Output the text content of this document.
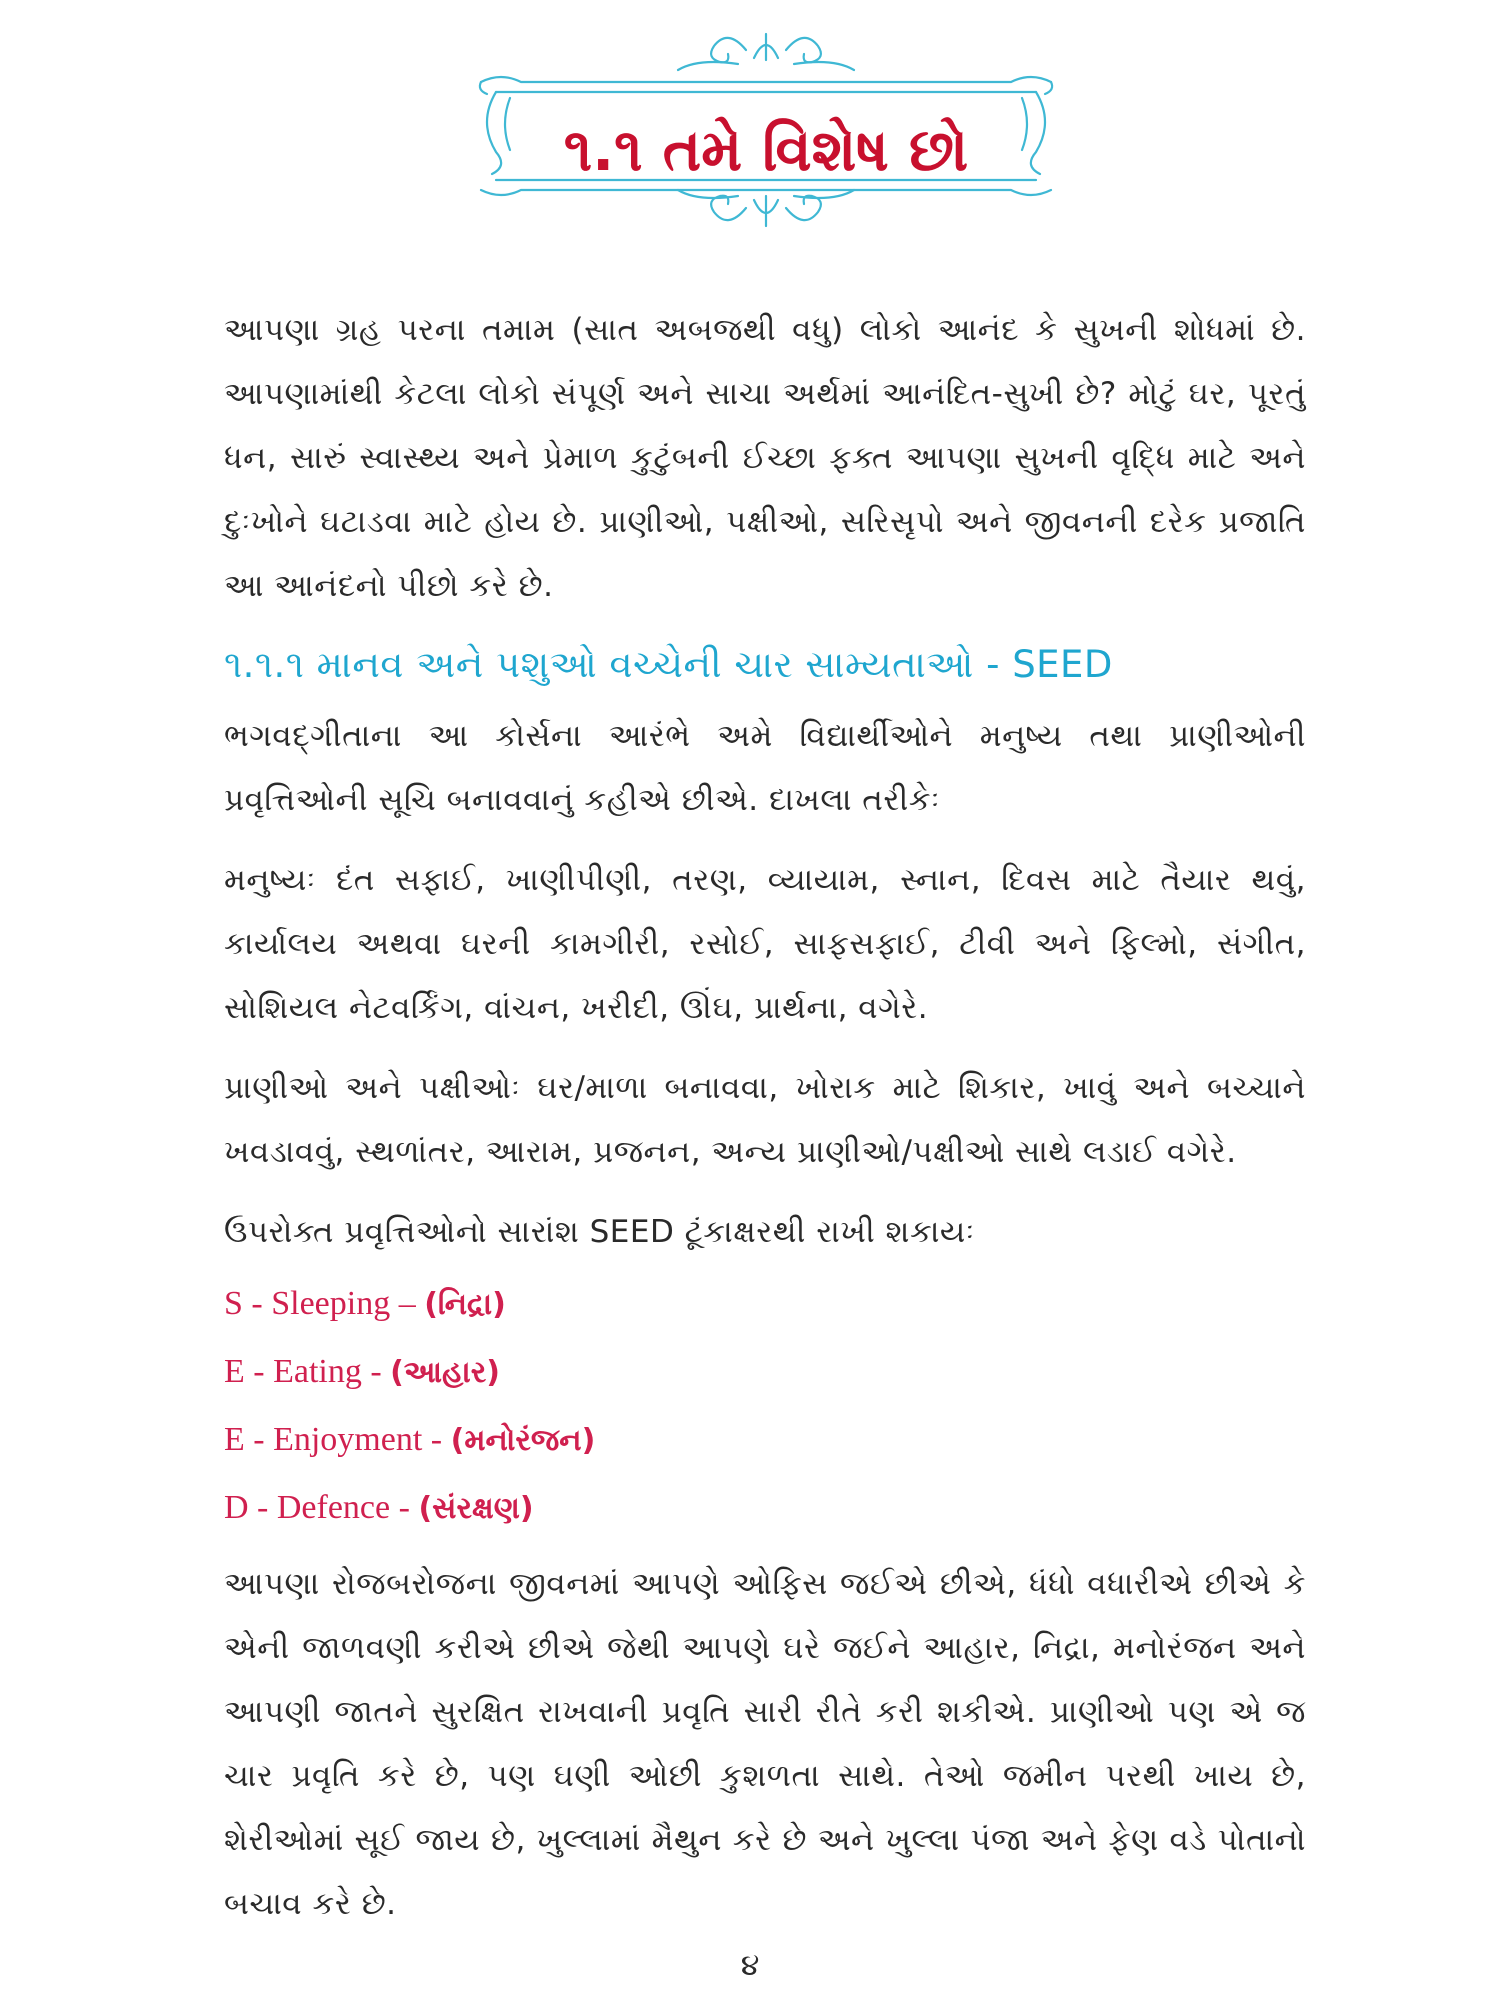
૧.૧ તમે વિશેષ છો

આપણા ગ્રહ પરના તમામ (સાત અબજથી વધુ) લોકો આનંદ કે સુખની શોધમાં છે. આપણામાંથી કેટલા લોકો સંપૂર્ણ અને સાચા અર્થમાં આનંદિત-સુખી છે? મોટું ઘર, પૂરતું ધન, સારું સ્વાસ્થ્ય અને પ્રેમાળ કુટુંબની ઈચ્છા ફક્ત આપણા સુખની વૃદ્ધિ માટે અને દુઃખોને ઘટાડવા માટે હોય છે. પ્રાણીઓ, પક્ષીઓ, સરિસૃપો અને જીવનની દરેક પ્રજાતિ આ આનંદનો પીછો કરે છે.

૧.૧.૧ માનવ અને પશુઓ વચ્ચેની ચાર સામ્યતાઓ - SEED

ભગવદ્ગીતાના આ કોર્સના આરંભે અમે વિદ્યાર્થીઓને મનુષ્ય તથા પ્રાણીઓની પ્રવૃત્તિઓની સૂચિ બનાવવાનું કહીએ છીએ. દાખલા તરીકેઃ

મનુષ્યઃ દંત સફાઈ, ખાણીપીણી, તરણ, વ્યાયામ, સ્નાન, દિવસ માટે તૈયાર થવું, કાર્યાલય અથવા ઘરની કામગીરી, રસોઈ, સાફસફાઈ, ટીવી અને ફિલ્મો, સંગીત, સોશિયલ નેટવર્કિંગ, વાંચન, ખરીદી, ઊંઘ, પ્રાર્થના, વગેરે.

પ્રાણીઓ અને પક્ષીઓઃ ઘર/માળા બનાવવા, ખોરાક માટે શિકાર, ખાવું અને બચ્ચાને ખવડાવવું, સ્થળાંતર, આરામ, પ્રજનન, અન્ય પ્રાણીઓ/પક્ષીઓ સાથે લડાઈ વગેરે.

ઉપરોક્ત પ્રવૃત્તિઓનો સારાંશ SEED ટૂંકાક્ષરથી રાખી શકાયઃ

S - Sleeping – (નિદ્રા)
E - Eating - (આહાર)
E - Enjoyment - (મનોરંજન)
D - Defence - (સંરક્ષણ)

આપણા રોજબરોજના જીવનમાં આપણે ઓફિસ જઈએ છીએ, ધંધો વધારીએ છીએ કે એની જાળવણી કરીએ છીએ જેથી આપણે ઘરે જઈને આહાર, નિદ્રા, મનોરંજન અને આપણી જાતને સુરક્ષિત રાખવાની પ્રવૃતિ સારી રીતે કરી શકીએ. પ્રાણીઓ પણ એ જ ચાર પ્રવૃતિ કરે છે, પણ ઘણી ઓછી કુશળતા સાથે. તેઓ જમીન પરથી ખાય છે, શેરીઓમાં સૂઈ જાય છે, ખુલ્લામાં મૈથુન કરે છે અને ખુલ્લા પંજા અને ફેણ વડે પોતાનો બચાવ કરે છે.

૪
